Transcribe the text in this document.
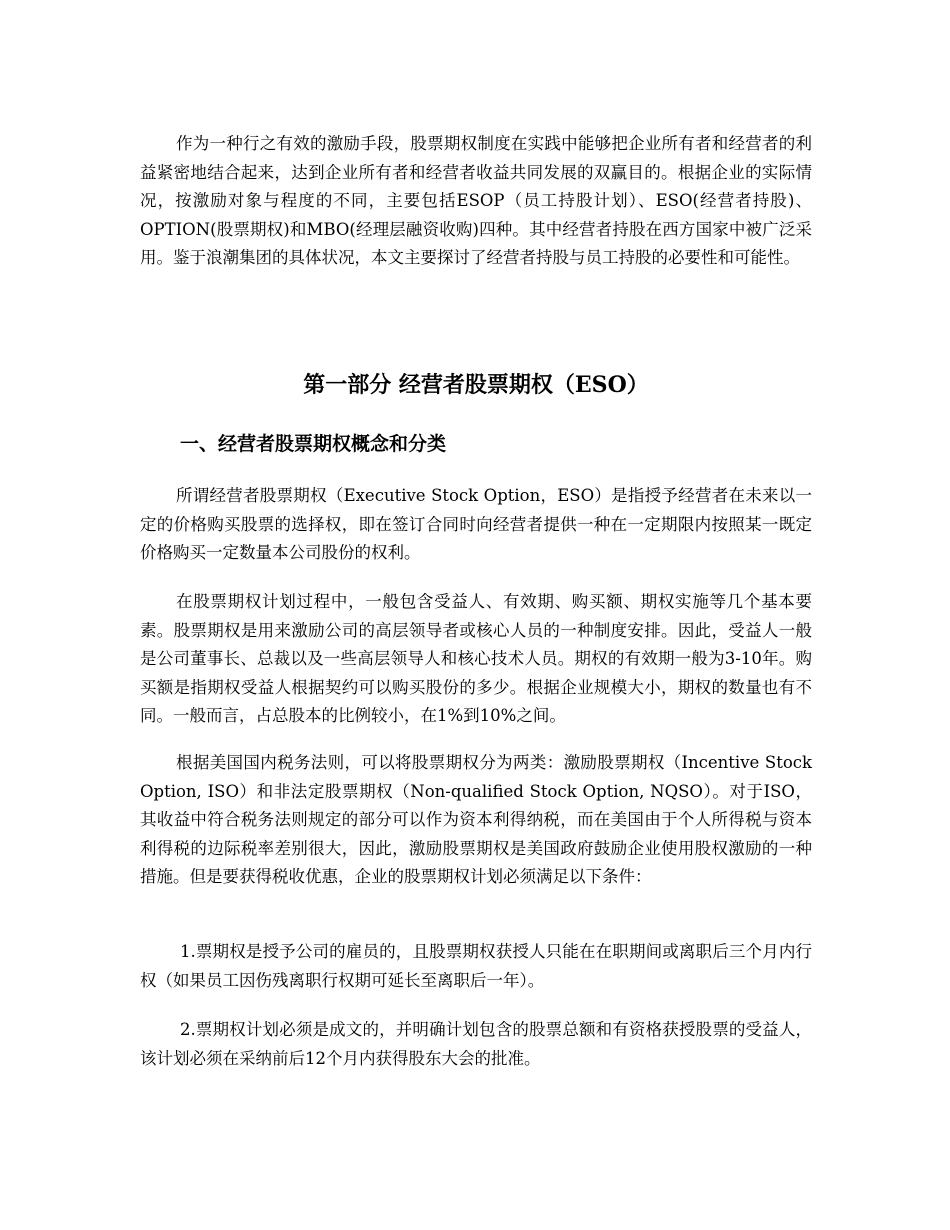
作为一种行之有效的激励手段，股票期权制度在实践中能够把企业所有者和经营者的利益紧密地结合起来，达到企业所有者和经营者收益共同发展的双赢目的。根据企业的实际情况，按激励对象与程度的不同，主要包括ESOP（员工持股计划）、ESO(经营者持股)、OPTION(股票期权)和MBO(经理层融资收购)四种。其中经营者持股在西方国家中被广泛采用。鉴于浪潮集团的具体状况，本文主要探讨了经营者持股与员工持股的必要性和可能性。

第一部分 经营者股票期权（ESO）
一、经营者股票期权概念和分类

所谓经营者股票期权（Executive Stock Option，ESO）是指授予经营者在未来以一定的价格购买股票的选择权，即在签订合同时向经营者提供一种在一定期限内按照某一既定价格购买一定数量本公司股份的权利。

在股票期权计划过程中，一般包含受益人、有效期、购买额、期权实施等几个基本要素。股票期权是用来激励公司的高层领导者或核心人员的一种制度安排。因此，受益人一般是公司董事长、总裁以及一些高层领导人和核心技术人员。期权的有效期一般为3-10年。购买额是指期权受益人根据契约可以购买股份的多少。根据企业规模大小，期权的数量也有不同。一般而言，占总股本的比例较小，在1%到10%之间。

根据美国国内税务法则，可以将股票期权分为两类：激励股票期权（Incentive Stock Option, ISO）和非法定股票期权（Non-qualified Stock Option, NQSO）。对于ISO，其收益中符合税务法则规定的部分可以作为资本利得纳税，而在美国由于个人所得税与资本利得税的边际税率差别很大，因此，激励股票期权是美国政府鼓励企业使用股权激励的一种措施。但是要获得税收优惠，企业的股票期权计划必须满足以下条件：

1.票期权是授予公司的雇员的，且股票期权获授人只能在在职期间或离职后三个月内行权（如果员工因伤残离职行权期可延长至离职后一年）。

2.票期权计划必须是成文的，并明确计划包含的股票总额和有资格获授股票的受益人，该计划必须在采纳前后12个月内获得股东大会的批准。
